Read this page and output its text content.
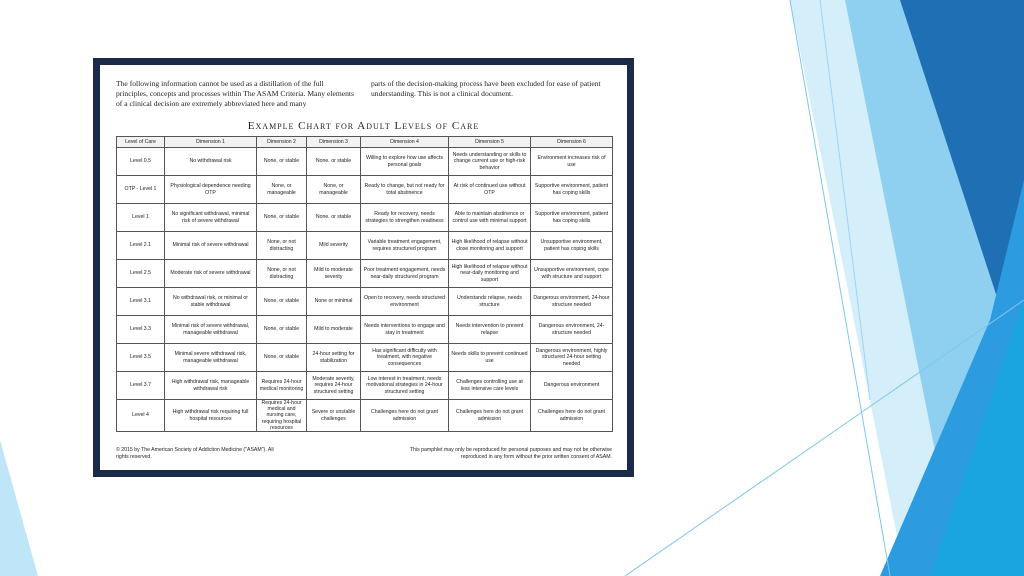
The following information cannot be used as a distillation of the full principles, concepts and processes within The ASAM Criteria. Many elements of a clinical decision are extremely abbreviated here and many
parts of the decision-making process have been excluded for ease of patient understanding. This is not a clinical document.
Example Chart for Adult Levels of Care
Level of Care	Dimension 1	Dimension 2	Dimension 3	Dimension 4	Dimension 5	Dimension 6
Level 0.5	No withdrawal risk	None, or stable	None, or stable	Willing to explore how use affects personal goals	Needs understanding or skills to change current use or high-risk behavior	Environment increases risk of use
OTP - Level 1	Physiological dependence needing OTP	None, or manageable	None, or manageable	Ready to change, but not ready for total abstinence	At risk of continued use without OTP	Supportive environment, patient has coping skills
Level 1	No significant withdrawal, minimal risk of severe withdrawal	None, or stable	None, or stable	Ready for recovery, needs strategies to strengthen readiness	Able to maintain abstinence or control use with minimal support	Supportive environment, patient has coping skills
Level 2.1	Minimal risk of severe withdrawal	None, or not distracting	Mild severity	Variable treatment engagement, requires structured program	High likelihood of relapse without close monitoring and support	Unsupportive environment, patient has coping skills
Level 2.5	Moderate risk of severe withdrawal	None, or not distracting	Mild to moderate severity	Poor treatment engagement, needs near-daily structured program	High likelihood of relapse without near-daily monitoring and support	Unsupportive environment, cope with structure and support
Level 3.1	No withdrawal risk, or minimal or stable withdrawal	None, or stable	None or minimal	Open to recovery, needs structured environment	Understands relapse, needs structure	Dangerous environment, 24-hour structure needed
Level 3.3	Minimal risk of severe withdrawal, manageable withdrawal	None, or stable	Mild to moderate	Needs interventions to engage and stay in treatment	Needs intervention to prevent relapse	Dangerous environment, 24-structure needed
Level 3.5	Minimal severe withdrawal risk, manageable withdrawal	None, or stable	24-hour setting for stabilization	Has significant difficulty with treatment, with negative consequences	Needs skills to prevent continued use	Dangerous environment, highly structured 24-hour setting needed
Level 3.7	High withdrawal risk, manageable withdrawal risk	Requires 24-hour medical monitoring	Moderate severity, requires 24-hour structured setting	Low interest in treatment, needs motivational strategies in 24-hour structured setting	Challenges controlling use at less intensive care levels	Dangerous environment
Level 4	High withdrawal risk requiring full hospital resources	Requires 24-hour medical and nursing care, requiring hospital resources	Severe or unstable challenges	Challenges here do not grant admission	Challenges here do not grant admission	Challenges here do not grant admission
© 2015 by The American Society of Addiction Medicine ("ASAM"). All rights reserved.
This pamphlet may only be reproduced for personal purposes and may not be otherwise reproduced in any form without the prior written consent of ASAM.
